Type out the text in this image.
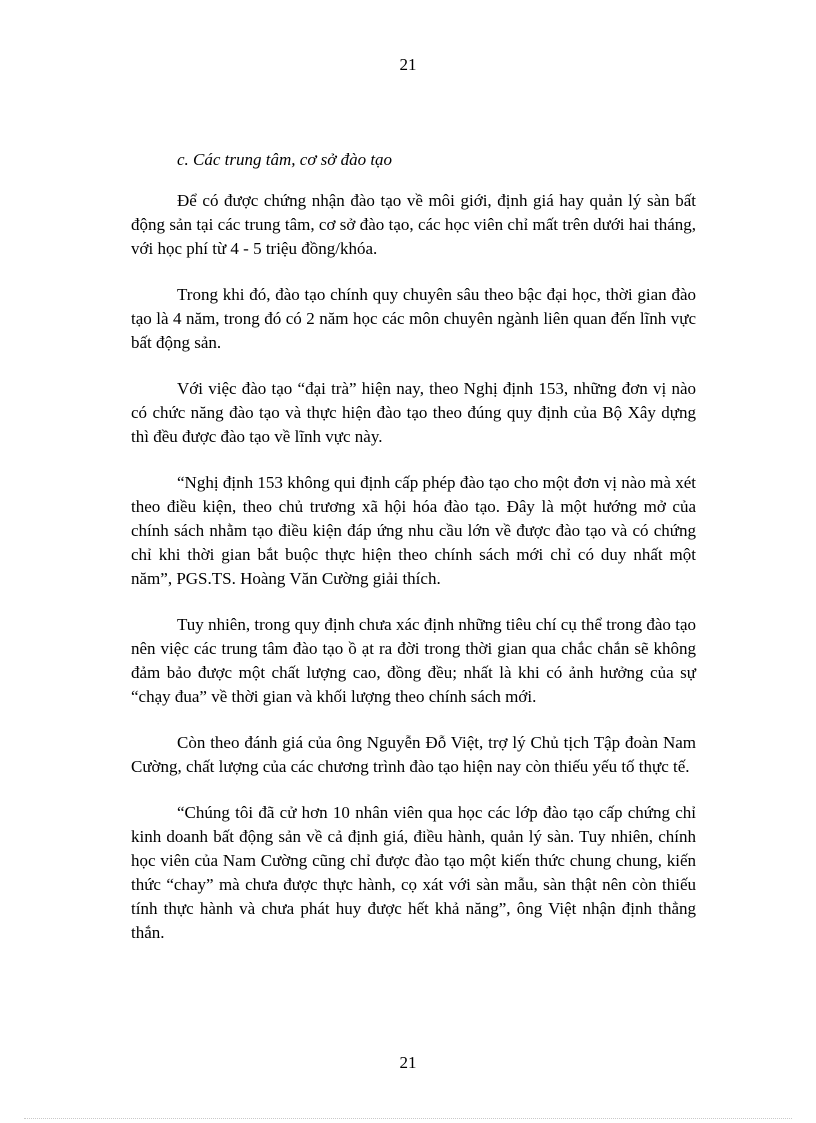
21

c. Các trung tâm, cơ sở đào tạo

Để có được chứng nhận đào tạo về môi giới, định giá hay quản lý sàn bất động sản tại các trung tâm, cơ sở đào tạo, các học viên chỉ mất trên dưới hai tháng, với học phí từ 4 - 5 triệu đồng/khóa.

Trong khi đó, đào tạo chính quy chuyên sâu theo bậc đại học, thời gian đào tạo là 4 năm, trong đó có 2 năm học các môn chuyên ngành liên quan đến lĩnh vực bất động sản.

Với việc đào tạo “đại trà” hiện nay, theo Nghị định 153, những đơn vị nào có chức năng đào tạo và thực hiện đào tạo theo đúng quy định của Bộ Xây dựng thì đều được đào tạo về lĩnh vực này.

“Nghị định 153 không qui định cấp phép đào tạo cho một đơn vị nào mà xét theo điều kiện, theo chủ trương xã hội hóa đào tạo. Đây là một hướng mở của chính sách nhằm tạo điều kiện đáp ứng nhu cầu lớn về được đào tạo và có chứng chỉ khi thời gian bắt buộc thực hiện theo chính sách mới chỉ có duy nhất một năm”, PGS.TS. Hoàng Văn Cường giải thích.

Tuy nhiên, trong quy định chưa xác định những tiêu chí cụ thể trong đào tạo nên việc các trung tâm đào tạo ồ ạt ra đời trong thời gian qua chắc chắn sẽ không đảm bảo được một chất lượng cao, đồng đều; nhất là khi có ảnh hưởng của sự “chạy đua” về thời gian và khối lượng theo chính sách mới.

Còn theo đánh giá của ông Nguyễn Đỗ Việt, trợ lý Chủ tịch Tập đoàn Nam Cường, chất lượng của các chương trình đào tạo hiện nay còn thiếu yếu tố thực tế.

“Chúng tôi đã cử hơn 10 nhân viên qua học các lớp đào tạo cấp chứng chỉ kinh doanh bất động sản về cả định giá, điều hành, quản lý sàn. Tuy nhiên, chính học viên của Nam Cường cũng chỉ được đào tạo một kiến thức chung chung, kiến thức “chay” mà chưa được thực hành, cọ xát với sàn mẫu, sàn thật nên còn thiếu tính thực hành và chưa phát huy được hết khả năng”, ông Việt nhận định thẳng thắn.

21
